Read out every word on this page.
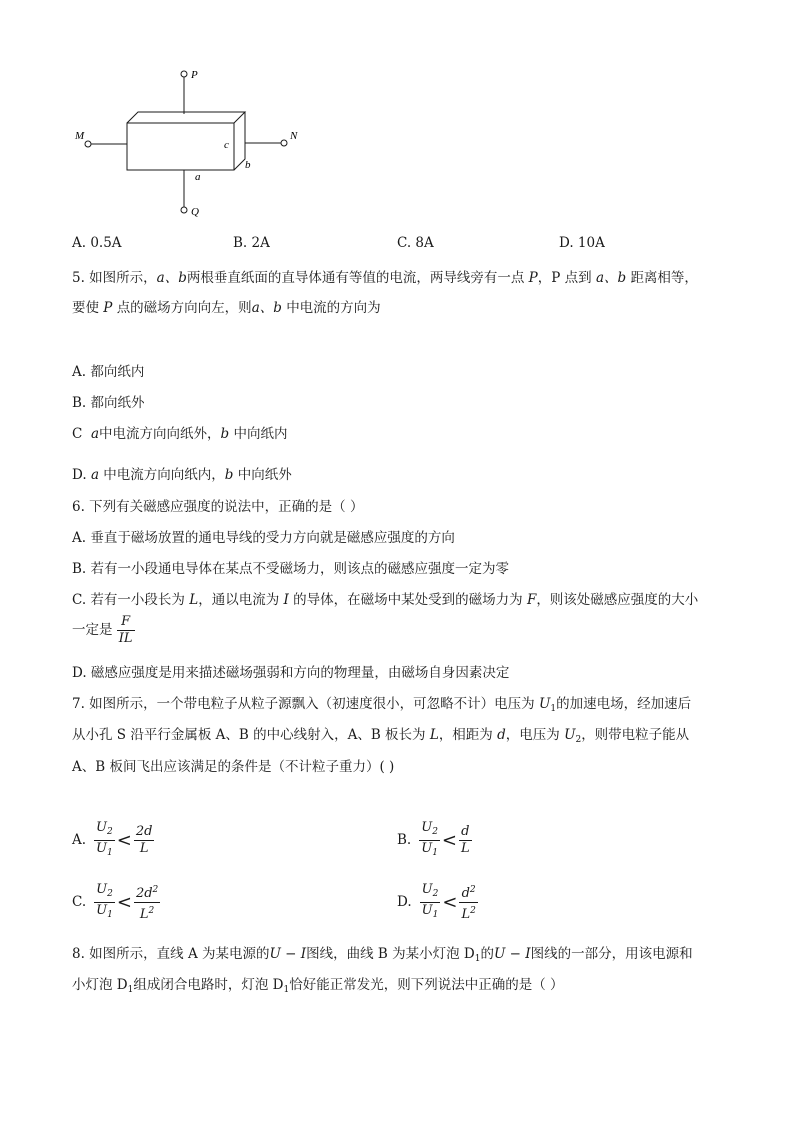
P
M	N
c
b
a
Q
A. 0.5A	B. 2A	C. 8A	D. 10A
5. 如图所示，a、b两根垂直纸面的直导体通有等值的电流，两导线旁有一点 P，P 点到 a、b 距离相等，
要使 P 点的磁场方向向左，则a、b 中电流的方向为
A. 都向纸内
B. 都向纸外
C a中电流方向向纸外，b 中向纸内
D. a 中电流方向向纸内，b 中向纸外
6. 下列有关磁感应强度的说法中，正确的是（ ）
A. 垂直于磁场放置的通电导线的受力方向就是磁感应强度的方向
B. 若有一小段通电导体在某点不受磁场力，则该点的磁感应强度一定为零
C. 若有一小段长为 L，通以电流为 I 的导体，在磁场中某处受到的磁场力为 F，则该处磁感应强度的大小
一定是 $\frac{F}{IL}$
D. 磁感应强度是用来描述磁场强弱和方向的物理量，由磁场自身因素决定
7. 如图所示，一个带电粒子从粒子源飘入（初速度很小，可忽略不计）电压为 $U_1$的加速电场，经加速后
从小孔 S 沿平行金属板 A、B 的中心线射入，A、B 板长为 L，相距为 d，电压为 $U_2$，则带电粒子能从
A、B 板间飞出应该满足的条件是（不计粒子重力）( )
A. $\frac{U_2}{U_1} < \frac{2d}{L}$	B. $\frac{U_2}{U_1} < \frac{d}{L}$
C. $\frac{U_2}{U_1} < \frac{2d^2}{L^2}$	D. $\frac{U_2}{U_1} < \frac{d^2}{L^2}$
8. 如图所示，直线 A 为某电源的U − I图线，曲线 B 为某小灯泡 $D_1$的U − I图线的一部分，用该电源和
小灯泡 $D_1$组成闭合电路时，灯泡 $D_1$恰好能正常发光，则下列说法中正确的是（ ）
